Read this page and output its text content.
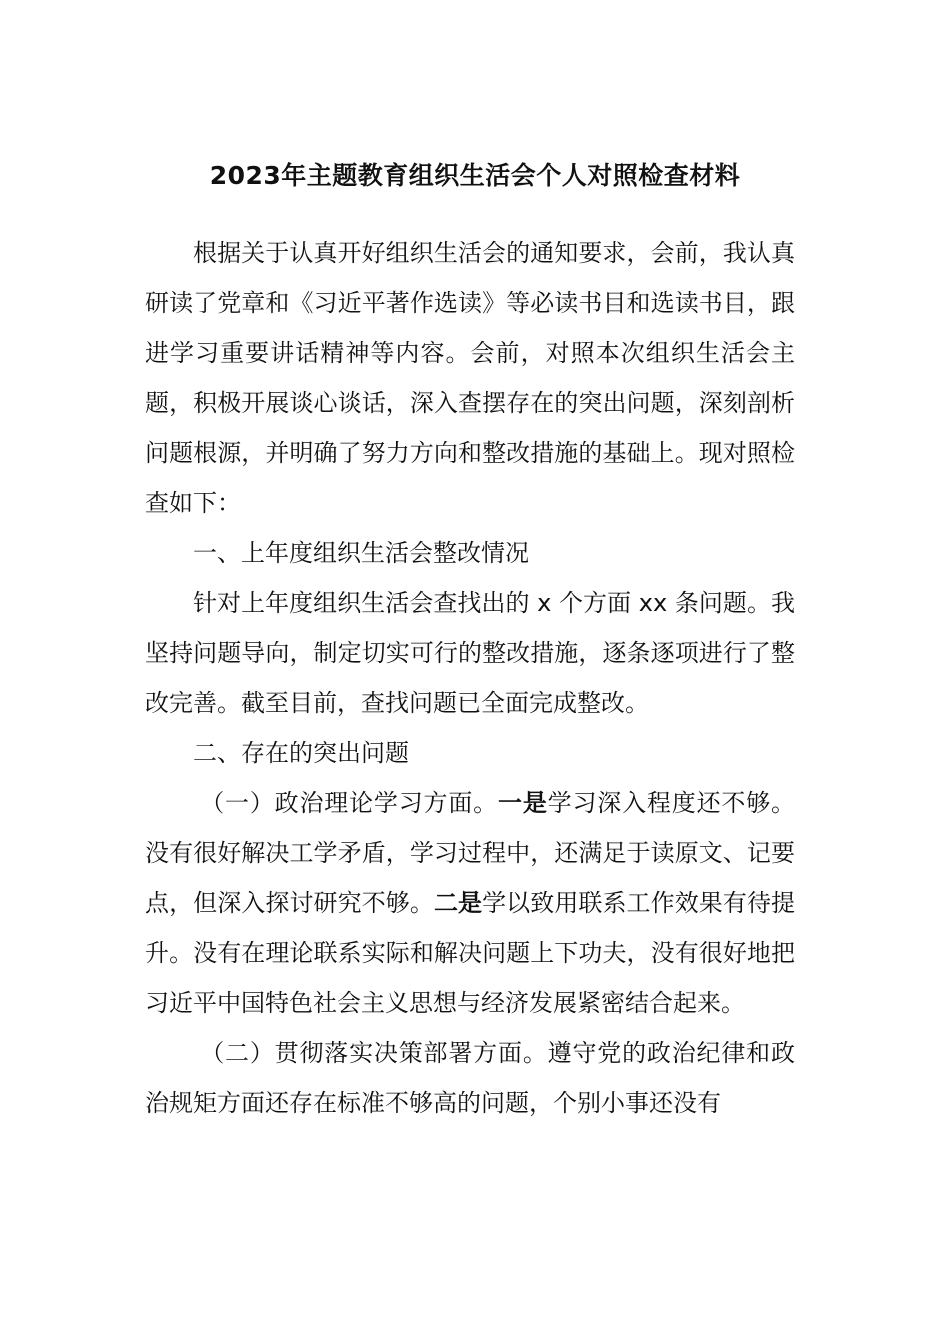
2023年主题教育组织生活会个人对照检查材料

根据关于认真开好组织生活会的通知要求，会前，我认真研读了党章和《习近平著作选读》等必读书目和选读书目，跟进学习重要讲话精神等内容。会前，对照本次组织生活会主题，积极开展谈心谈话，深入查摆存在的突出问题，深刻剖析问题根源，并明确了努力方向和整改措施的基础上。现对照检查如下：

一、上年度组织生活会整改情况

针对上年度组织生活会查找出的 x 个方面 xx 条问题。我坚持问题导向，制定切实可行的整改措施，逐条逐项进行了整改完善。截至目前，查找问题已全面完成整改。

二、存在的突出问题

（一）政治理论学习方面。一是学习深入程度还不够。没有很好解决工学矛盾，学习过程中，还满足于读原文、记要点，但深入探讨研究不够。二是学以致用联系工作效果有待提升。没有在理论联系实际和解决问题上下功夫，没有很好地把习近平中国特色社会主义思想与经济发展紧密结合起来。

（二）贯彻落实决策部署方面。遵守党的政治纪律和政治规矩方面还存在标准不够高的问题，个别小事还没有
